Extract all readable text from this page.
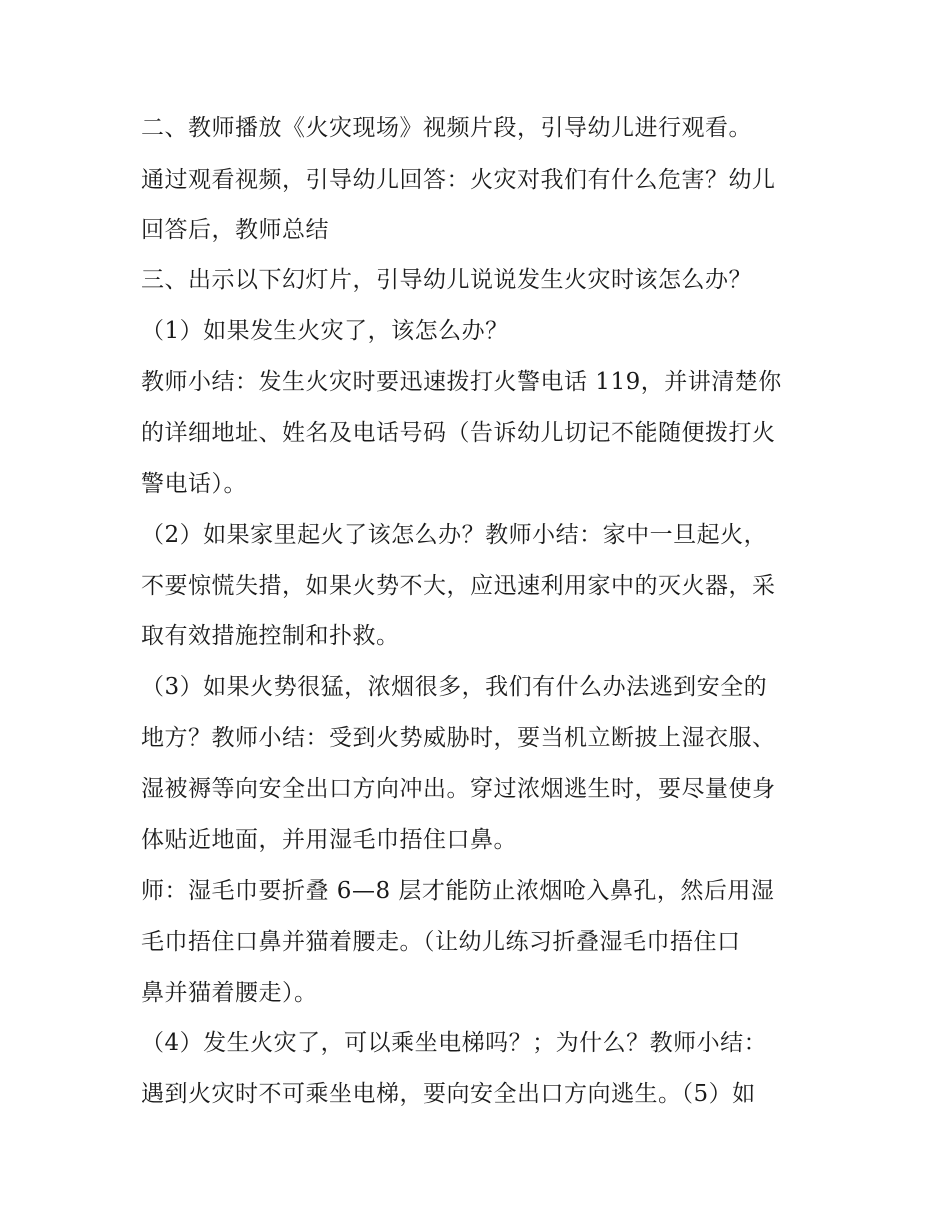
二、教师播放《火灾现场》视频片段，引导幼儿进行观看。
通过观看视频，引导幼儿回答：火灾对我们有什么危害？幼儿
回答后，教师总结
三、出示以下幻灯片，引导幼儿说说发生火灾时该怎么办？
（1）如果发生火灾了，该怎么办？
教师小结：发生火灾时要迅速拨打火警电话 119，并讲清楚你
的详细地址、姓名及电话号码（告诉幼儿切记不能随便拨打火
警电话）。
（2）如果家里起火了该怎么办？教师小结：家中一旦起火，
不要惊慌失措，如果火势不大，应迅速利用家中的灭火器，采
取有效措施控制和扑救。
（3）如果火势很猛，浓烟很多，我们有什么办法逃到安全的
地方？教师小结：受到火势威胁时，要当机立断披上湿衣服、
湿被褥等向安全出口方向冲出。穿过浓烟逃生时，要尽量使身
体贴近地面，并用湿毛巾捂住口鼻。
师：湿毛巾要折叠 6—8 层才能防止浓烟呛入鼻孔，然后用湿
毛巾捂住口鼻并猫着腰走。（让幼儿练习折叠湿毛巾捂住口
鼻并猫着腰走）。
（4）发生火灾了，可以乘坐电梯吗？；为什么？教师小结：
遇到火灾时不可乘坐电梯，要向安全出口方向逃生。（5）如
